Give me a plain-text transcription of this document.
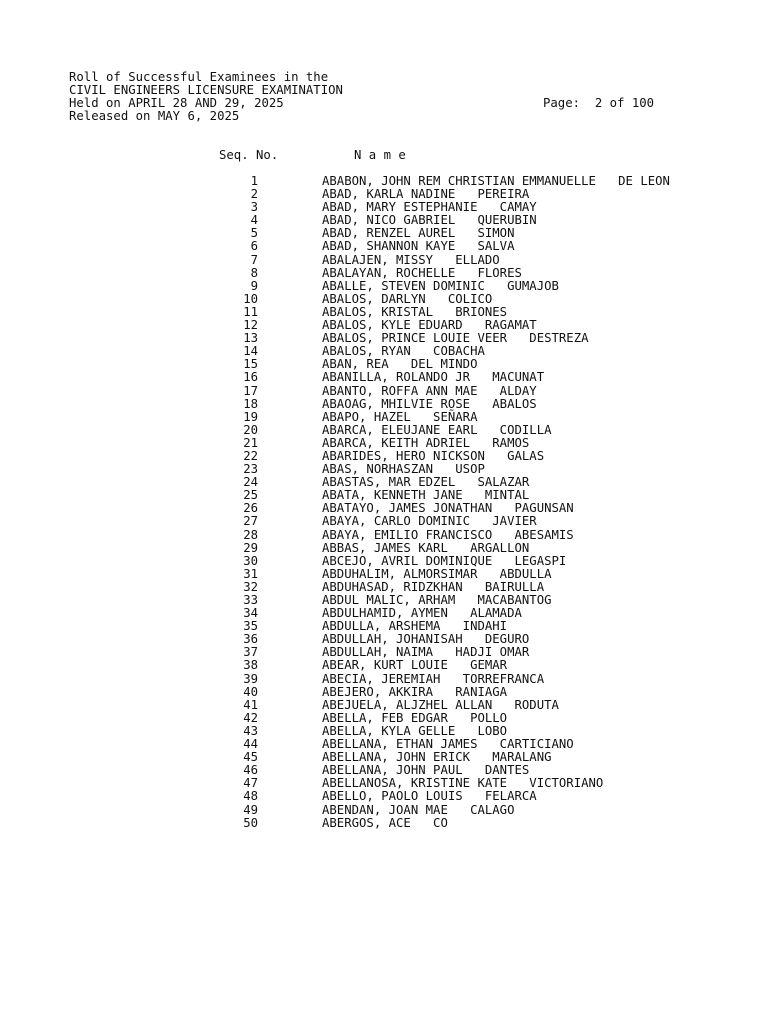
Roll of Successful Examinees in the
CIVIL ENGINEERS LICENSURE EXAMINATION
Held on APRIL 28 AND 29, 2025
Released on MAY 6, 2025
Page:  2 of 100
Seq. No.	N a m e
1	ABABON, JOHN REM CHRISTIAN EMMANUELLE   DE LEON
2	ABAD, KARLA NADINE   PEREIRA
3	ABAD, MARY ESTEPHANIE   CAMAY
4	ABAD, NICO GABRIEL   QUERUBIN
5	ABAD, RENZEL AUREL   SIMON
6	ABAD, SHANNON KAYE   SALVA
7	ABALAJEN, MISSY   ELLADO
8	ABALAYAN, ROCHELLE   FLORES
9	ABALLE, STEVEN DOMINIC   GUMAJOB
10	ABALOS, DARLYN   COLICO
11	ABALOS, KRISTAL   BRIONES
12	ABALOS, KYLE EDUARD   RAGAMAT
13	ABALOS, PRINCE LOUIE VEER   DESTREZA
14	ABALOS, RYAN   COBACHA
15	ABAN, REA   DEL MINDO
16	ABANILLA, ROLANDO JR   MACUNAT
17	ABANTO, ROFFA ANN MAE   ALDAY
18	ABAOAG, MHILVIE ROSE   ABALOS
19	ABAPO, HAZEL   SEÑARA
20	ABARCA, ELEUJANE EARL   CODILLA
21	ABARCA, KEITH ADRIEL   RAMOS
22	ABARIDES, HERO NICKSON   GALAS
23	ABAS, NORHASZAN   USOP
24	ABASTAS, MAR EDZEL   SALAZAR
25	ABATA, KENNETH JANE   MINTAL
26	ABATAYO, JAMES JONATHAN   PAGUNSAN
27	ABAYA, CARLO DOMINIC   JAVIER
28	ABAYA, EMILIO FRANCISCO   ABESAMIS
29	ABBAS, JAMES KARL   ARGALLON
30	ABCEJO, AVRIL DOMINIQUE   LEGASPI
31	ABDUHALIM, ALMORSIMAR   ABDULLA
32	ABDUHASAD, RIDZKHAN   BAIRULLA
33	ABDUL MALIC, ARHAM   MACABANTOG
34	ABDULHAMID, AYMEN   ALAMADA
35	ABDULLA, ARSHEMA   INDAHI
36	ABDULLAH, JOHANISAH   DEGURO
37	ABDULLAH, NAIMA   HADJI OMAR
38	ABEAR, KURT LOUIE   GEMAR
39	ABECIA, JEREMIAH   TORREFRANCA
40	ABEJERO, AKKIRA   RANIAGA
41	ABEJUELA, ALJZHEL ALLAN   RODUTA
42	ABELLA, FEB EDGAR   POLLO
43	ABELLA, KYLA GELLE   LOBO
44	ABELLANA, ETHAN JAMES   CARTICIANO
45	ABELLANA, JOHN ERICK   MARALANG
46	ABELLANA, JOHN PAUL   DANTES
47	ABELLANOSA, KRISTINE KATE   VICTORIANO
48	ABELLO, PAOLO LOUIS   FELARCA
49	ABENDAN, JOAN MAE   CALAGO
50	ABERGOS, ACE   CO
